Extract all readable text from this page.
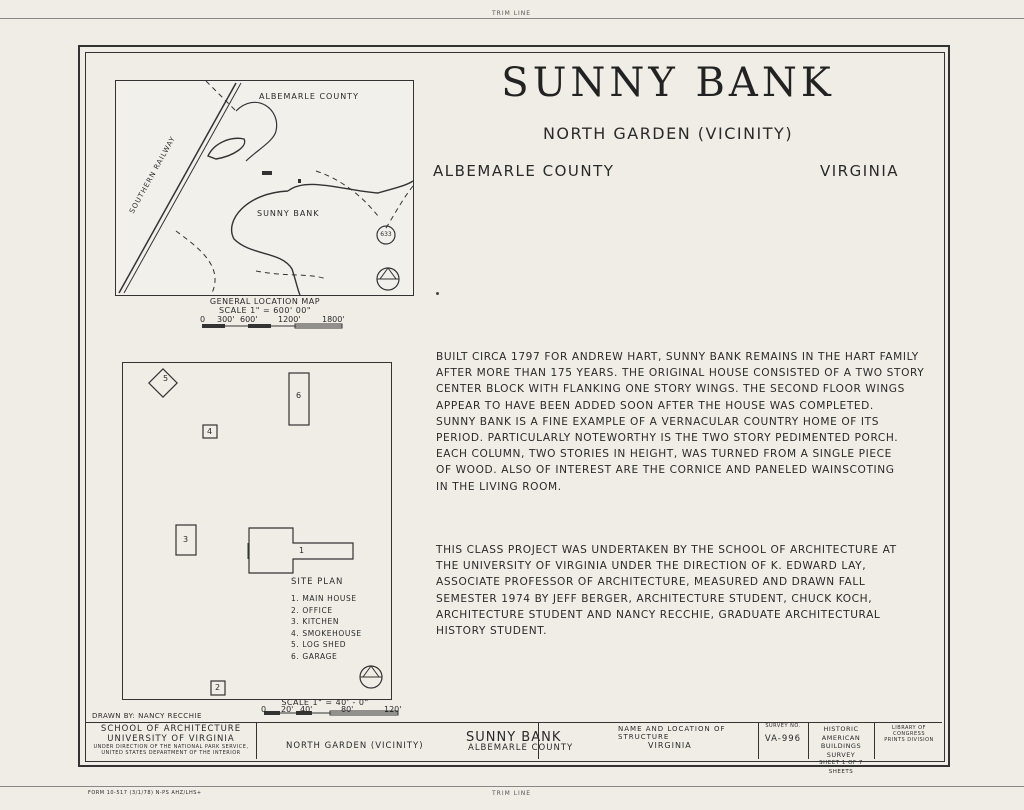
TRIM LINE
TRIM LINE
ALBEMARLE COUNTY
SUNNY BANK
SOUTHERN RAILWAY
633
GENERAL LOCATION MAP
SCALE 1" = 600' 00"
0 300' 600'	1200'	1800'
5
4
6
3
1
2
SITE PLAN
1. MAIN HOUSE
2. OFFICE
3. KITCHEN
4. SMOKEHOUSE
5. LOG SHED
6. GARAGE
SCALE 1" = 40' - 0"
0 20' 40'	80'	120'
SUNNY BANK
NORTH GARDEN (VICINITY)
ALBEMARLE COUNTY	VIRGINIA
BUILT CIRCA 1797 FOR ANDREW HART, SUNNY BANK REMAINS IN THE HART FAMILY
AFTER MORE THAN 175 YEARS. THE ORIGINAL HOUSE CONSISTED OF A TWO STORY
CENTER BLOCK WITH FLANKING ONE STORY WINGS. THE SECOND FLOOR WINGS
APPEAR TO HAVE BEEN ADDED SOON AFTER THE HOUSE WAS COMPLETED.
SUNNY BANK IS A FINE EXAMPLE OF A VERNACULAR COUNTRY HOME OF ITS
PERIOD. PARTICULARLY NOTEWORTHY IS THE TWO STORY PEDIMENTED PORCH.
EACH COLUMN, TWO STORIES IN HEIGHT, WAS TURNED FROM A SINGLE PIECE
OF WOOD. ALSO OF INTEREST ARE THE CORNICE AND PANELED WAINSCOTING
IN THE LIVING ROOM.
THIS CLASS PROJECT WAS UNDERTAKEN BY THE SCHOOL OF ARCHITECTURE AT
THE UNIVERSITY OF VIRGINIA UNDER THE DIRECTION OF K. EDWARD LAY,
ASSOCIATE PROFESSOR OF ARCHITECTURE, MEASURED AND DRAWN FALL
SEMESTER 1974 BY JEFF BERGER, ARCHITECTURE STUDENT, CHUCK KOCH,
ARCHITECTURE STUDENT AND NANCY RECCHIE, GRADUATE ARCHITECTURAL
HISTORY STUDENT.
DRAWN BY: NANCY RECCHIE
SCHOOL OF ARCHITECTURE
UNIVERSITY OF VIRGINIA
UNDER DIRECTION OF THE NATIONAL PARK SERVICE,
UNITED STATES DEPARTMENT OF THE INTERIOR
NORTH GARDEN (VICINITY)
NAME AND LOCATION OF STRUCTURE
VIRGINIA
SUNNY BANK
ALBEMARLE COUNTY
SURVEY NO.
VA-996
HISTORIC AMERICAN
BUILDINGS SURVEY
SHEET 1 OF 7 SHEETS
LIBRARY OF CONGRESS
PRINTS DIVISION
FORM 10-517 (3/1/78) N-PS AHZ/LHS+
